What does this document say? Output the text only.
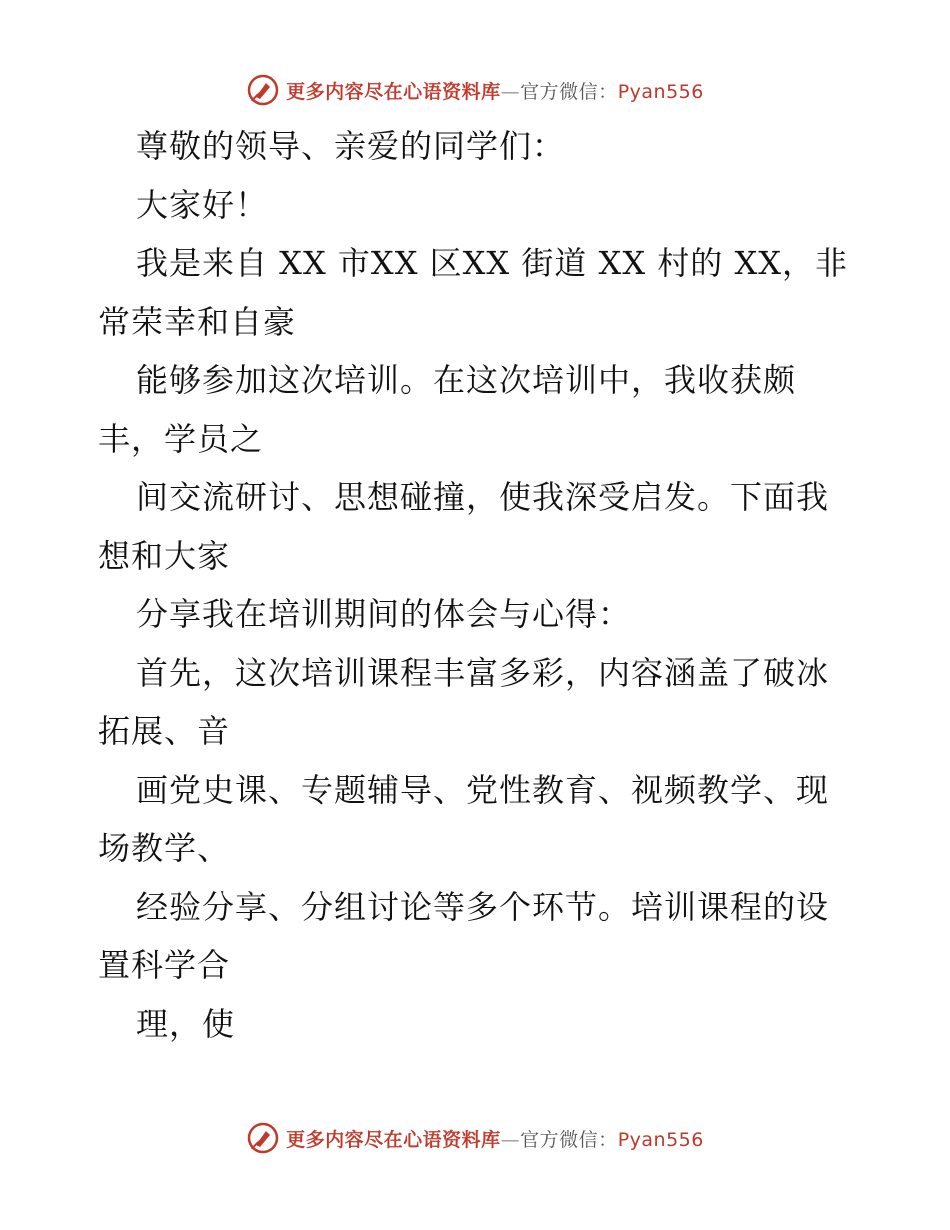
更多内容尽在心语资料库—官方微信：Pyan556
尊敬的领导、亲爱的同学们：
大家好！
我是来自 XX 市XX 区XX 街道 XX 村的 XX，非
常荣幸和自豪
能够参加这次培训。在这次培训中，我收获颇
丰，学员之
间交流研讨、思想碰撞，使我深受启发。下面我
想和大家
分享我在培训期间的体会与心得：
首先，这次培训课程丰富多彩，内容涵盖了破冰
拓展、音
画党史课、专题辅导、党性教育、视频教学、现
场教学、
经验分享、分组讨论等多个环节。培训课程的设
置科学合
理，使
更多内容尽在心语资料库—官方微信：Pyan556
